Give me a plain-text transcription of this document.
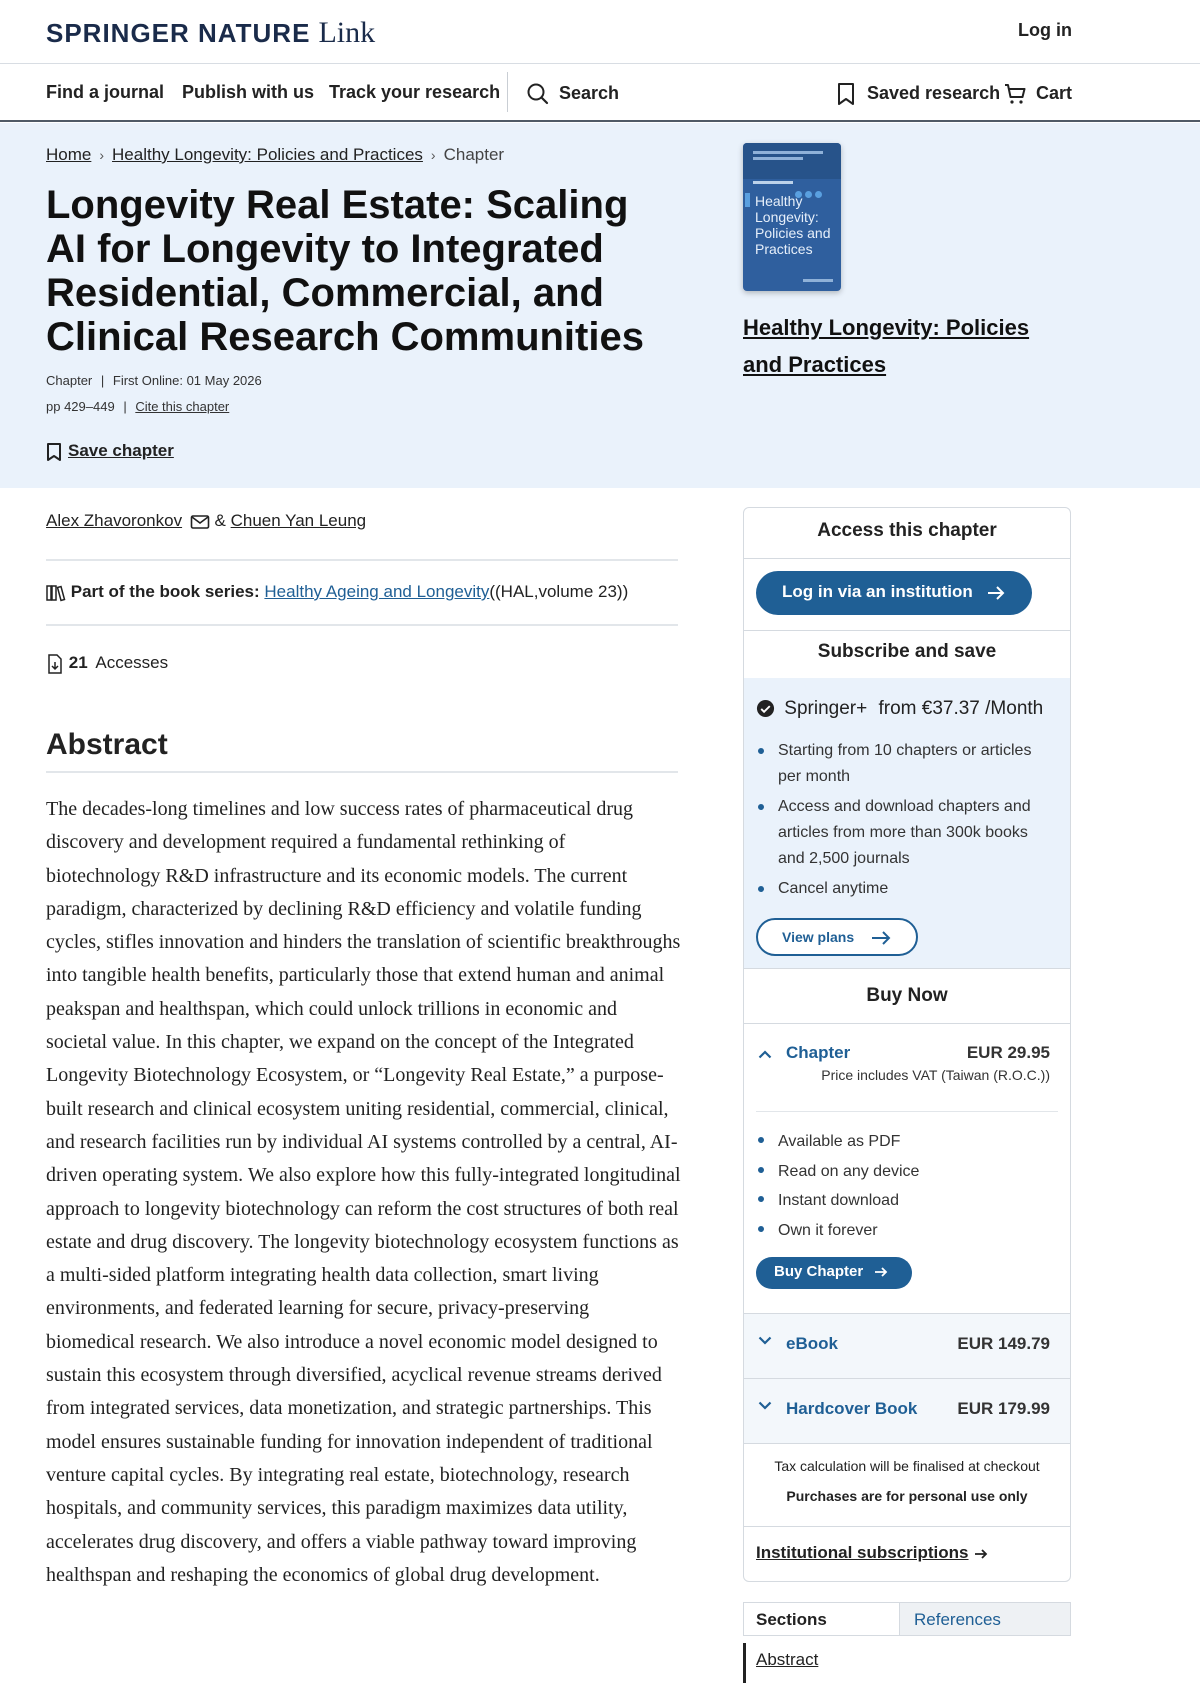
SPRINGER NATURE Link	Log in
Find a journal Publish with us Track your research	Search	Saved research	Cart
Home › Healthy Longevity: Policies and Practices › Chapter
Longevity Real Estate: Scaling AI for Longevity to Integrated Residential, Commercial, and Clinical Research Communities
Chapter | First Online: 01 May 2026
pp 429–449 | Cite this chapter
Save chapter
Healthy Longevity: Policies and Practices
Healthy Longevity: Policies and Practices
Alex Zhavoronkov & Chuen Yan Leung
Part of the book series: Healthy Ageing and Longevity((HAL,volume 23))
21 Accesses
Abstract

The decades-long timelines and low success rates of pharmaceutical drug discovery and development required a fundamental rethinking of biotechnology R&D infrastructure and its economic models. The current paradigm, characterized by declining R&D efficiency and volatile funding cycles, stifles innovation and hinders the translation of scientific breakthroughs into tangible health benefits, particularly those that extend human and animal peakspan and healthspan, which could unlock trillions in economic and societal value. In this chapter, we expand on the concept of the Integrated Longevity Biotechnology Ecosystem, or “Longevity Real Estate,” a purpose-built research and clinical ecosystem uniting residential, commercial, clinical, and research facilities run by individual AI systems controlled by a central, AI-driven operating system. We also explore how this fully-integrated longitudinal approach to longevity biotechnology can reform the cost structures of both real estate and drug discovery. The longevity biotechnology ecosystem functions as a multi-sided platform integrating health data collection, smart living environments, and federated learning for secure, privacy-preserving biomedical research. We also introduce a novel economic model designed to sustain this ecosystem through diversified, acyclical revenue streams derived from integrated services, data monetization, and strategic partnerships. This model ensures sustainable funding for innovation independent of traditional venture capital cycles. By integrating real estate, biotechnology, research hospitals, and community services, this paradigm maximizes data utility, accelerates drug discovery, and offers a viable pathway toward improving healthspan and reshaping the economics of global drug development.

Access this chapter
Log in via an institution
Subscribe and save
Springer+ from €37.37 /Month
Starting from 10 chapters or articles per month
Access and download chapters and articles from more than 300k books and 2,500 journals
Cancel anytime
View plans
Buy Now
Chapter	EUR 29.95
Price includes VAT (Taiwan (R.O.C.))
Available as PDF
Read on any device
Instant download
Own it forever
Buy Chapter
eBook	EUR 149.79
Hardcover Book EUR 179.99
Tax calculation will be finalised at checkout
Purchases are for personal use only
Institutional subscriptions
Sections	References
Abstract
